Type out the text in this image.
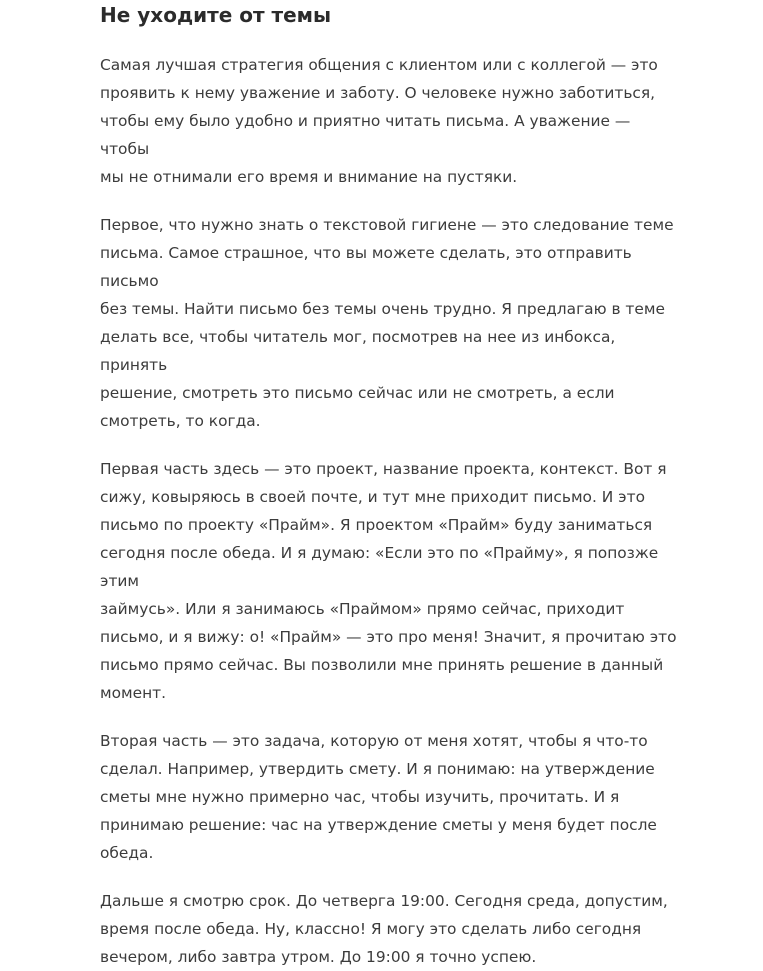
Не уходите от темы

Самая лучшая стратегия общения с клиентом или с коллегой — это
проявить к нему уважение и заботу. О человеке нужно заботиться,
чтобы ему было удобно и приятно читать письма. А уважение — чтобы
мы не отнимали его время и внимание на пустяки.

Первое, что нужно знать о текстовой гигиене — это следование теме
письма. Самое страшное, что вы можете сделать, это отправить письмо
без темы. Найти письмо без темы очень трудно. Я предлагаю в теме
делать все, чтобы читатель мог, посмотрев на нее из инбокса, принять
решение, смотреть это письмо сейчас или не смотреть, а если
смотреть, то когда.

Первая часть здесь — это проект, название проекта, контекст. Вот я
сижу, ковыряюсь в своей почте, и тут мне приходит письмо. И это
письмо по проекту «Прайм». Я проектом «Прайм» буду заниматься
сегодня после обеда. И я думаю: «Если это по «Прайму», я попозже этим
займусь». Или я занимаюсь «Праймом» прямо сейчас, приходит
письмо, и я вижу: о! «Прайм» — это про меня! Значит, я прочитаю это
письмо прямо сейчас. Вы позволили мне принять решение в данный
момент.

Вторая часть — это задача, которую от меня хотят, чтобы я что-то
сделал. Например, утвердить смету. И я понимаю: на утверждение
сметы мне нужно примерно час, чтобы изучить, прочитать. И я
принимаю решение: час на утверждение сметы у меня будет после
обеда.

Дальше я смотрю срок. До четверга 19:00. Сегодня среда, допустим,
время после обеда. Ну, классно! Я могу это сделать либо сегодня
вечером, либо завтра утром. До 19:00 я точно успею.
